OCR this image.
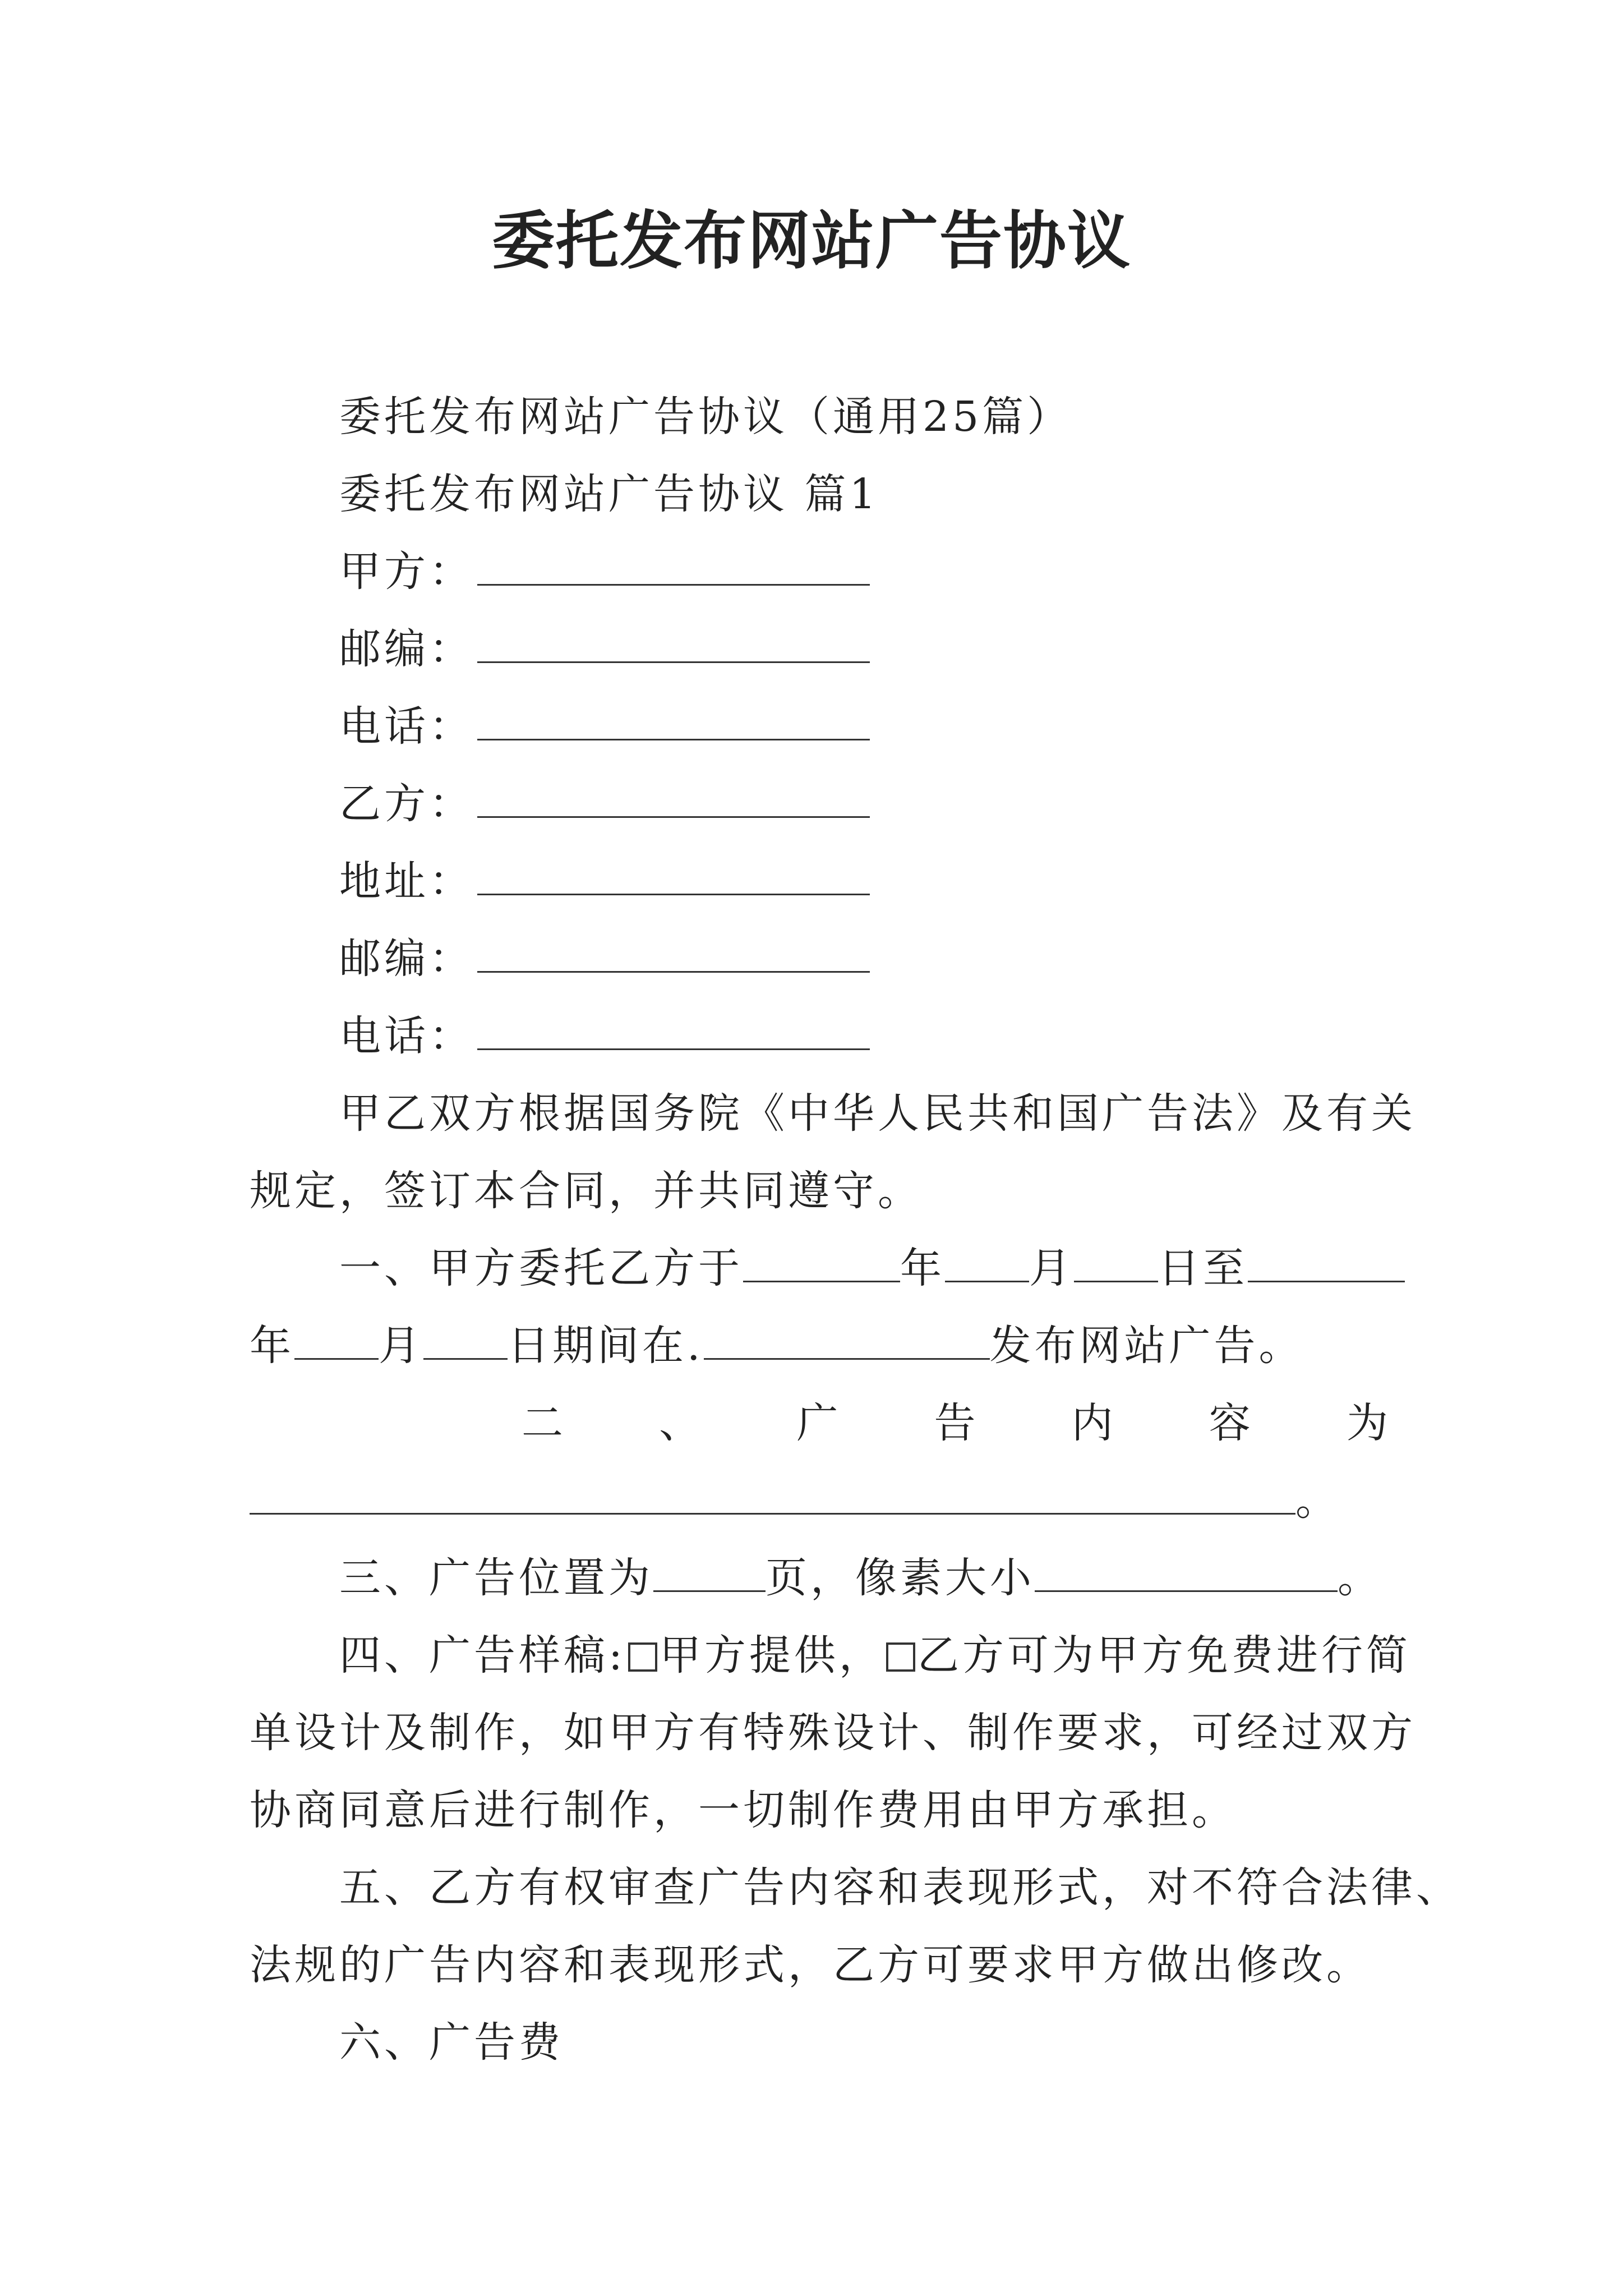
委托发布网站广告协议
委托发布网站广告协议（通用25篇）
委托发布网站广告协议 篇1
甲方：
邮编：
电话：
乙方：
地址：
邮编：
电话：
甲乙双方根据国务院《中华人民共和国广告法》及有关
规定，签订本合同，并共同遵守。
一、甲方委托乙方于	年 月 日至
年 月 日期间在.	发布网站广告。
二 、 广 告 内 容 为
。
三、广告位置为	页，像素大小	。
四、广告样稿: 甲方提供， 乙方可为甲方免费进行简
单设计及制作，如甲方有特殊设计、制作要求，可经过双方
协商同意后进行制作，一切制作费用由甲方承担。
五、乙方有权审查广告内容和表现形式，对不符合法律、
法规的广告内容和表现形式，乙方可要求甲方做出修改。
六、广告费
